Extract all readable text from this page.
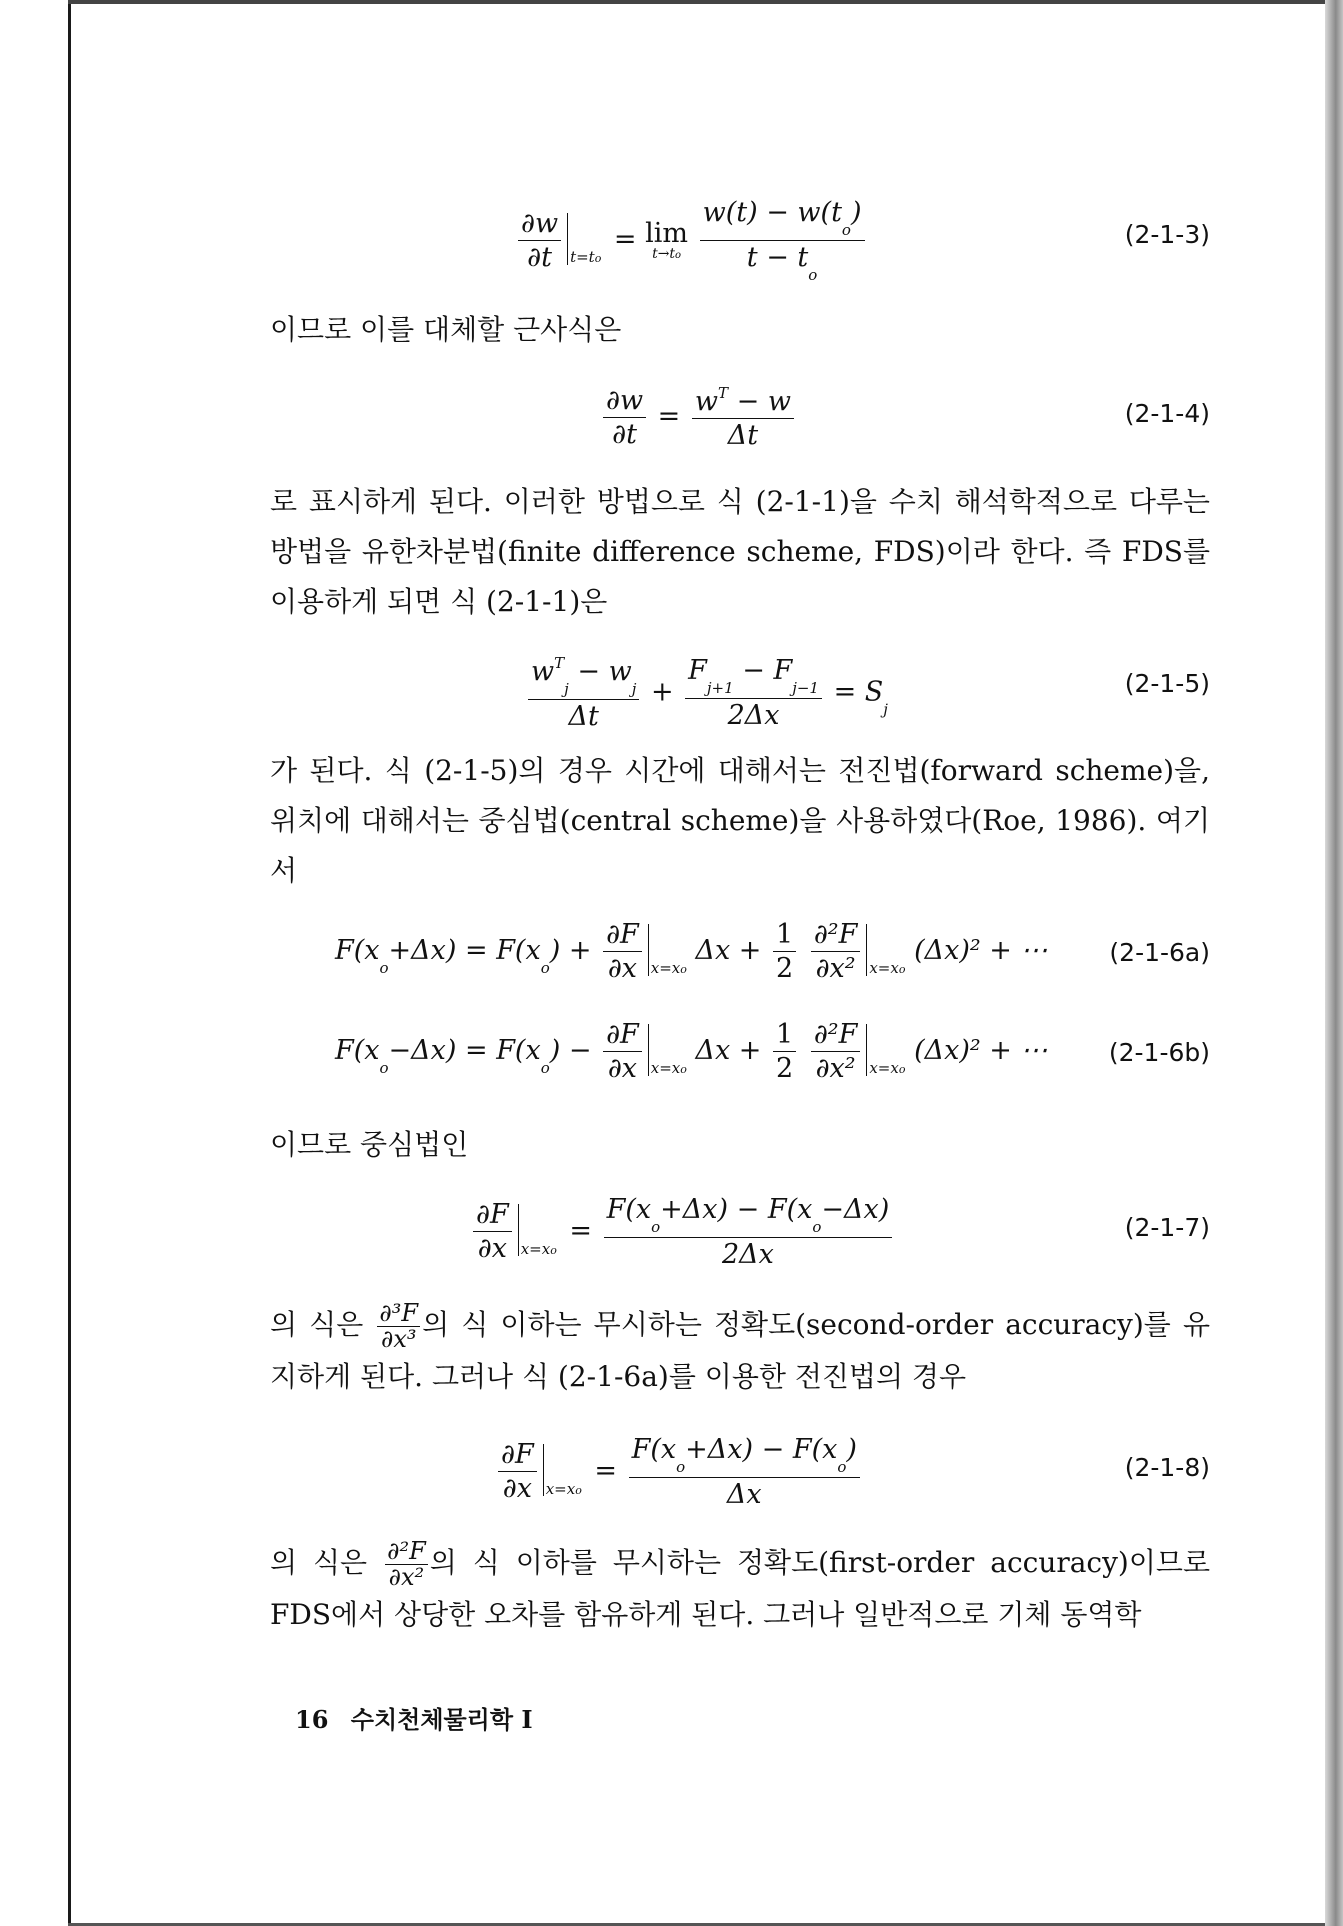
$\frac{\partial w}{\partial t} _{t=to} = \lim$
t→to
$\frac{w(t) - w(t_o)}{t - t_o}$	(2-1-3)

이므로 이를 대체할 근사식은

$\frac{\partial w}{\partial t} = \frac{w^T - w}{\Delta t}$	(2-1-4)

로 표시하게 된다. 이러한 방법으로 식 (2-1-1)을 수치 해석학적으로 다루는 방법을 유한차분법(finite difference scheme, FDS)이라 한다. 즉 FDS를 이용하게 되면 식 (2-1-1)은

$\frac{w^T_j - w_j}{\Delta t} + \frac{F_{j+1} - F_{j-1}}{2\Delta x} = S_j$
(2-1-5)

가 된다. 식 (2-1-5)의 경우 시간에 대해서는 전진법(forward scheme)을, 위치에 대해서는 중심법(central scheme)을 사용하였다(Roe, 1986). 여기서

$F(x_o+\Delta x) = F(x_o) + \frac{\partial F}{\partial x} _{x=xo}$ $\Delta x + \frac{1}{2}$
$\frac{\text{∂²F}}{\text{∂x²}} _{x=xo}$ (Δx)² + ⋯ (2-1-6a)
$F(x_o-\Delta x) = F(x_o) - \frac{\partial F}{\partial x} _{x=xo}$ $\Delta x + \frac{1}{2}$
$\frac{\text{∂²F}}{\text{∂x²}} _{x=xo}$ (Δx)² + ⋯ (2-1-6b)

이므로 중심법인

$\frac{\partial F}{\partial x} _{x=xo} = \frac{F(x_o+\Delta x) - F(x_o-\Delta x)}{2\Delta x}$	(2-1-7)

의 식은 $\frac{\text{∂³F}}{\text{∂x³}}$ 의 식 이하는 무시하는 정확도(second-order accuracy)를 유지하게 된다. 그러나 식 (2-1-6a)를 이용한 전진법의 경우

$\frac{\partial F}{\partial x} _{x=xo} = \frac{F(x_o+\Delta x) - F(x_o)}{\Delta x}$	(2-1-8)

의 식은 $\frac{\text{∂²F}}{\text{∂x²}}$ 의 식 이하를 무시하는 정확도(first-order accuracy)이므로 FDS에서 상당한 오차를 함유하게 된다. 그러나 일반적으로 기체 동역학

16 수치천체물리학 I
